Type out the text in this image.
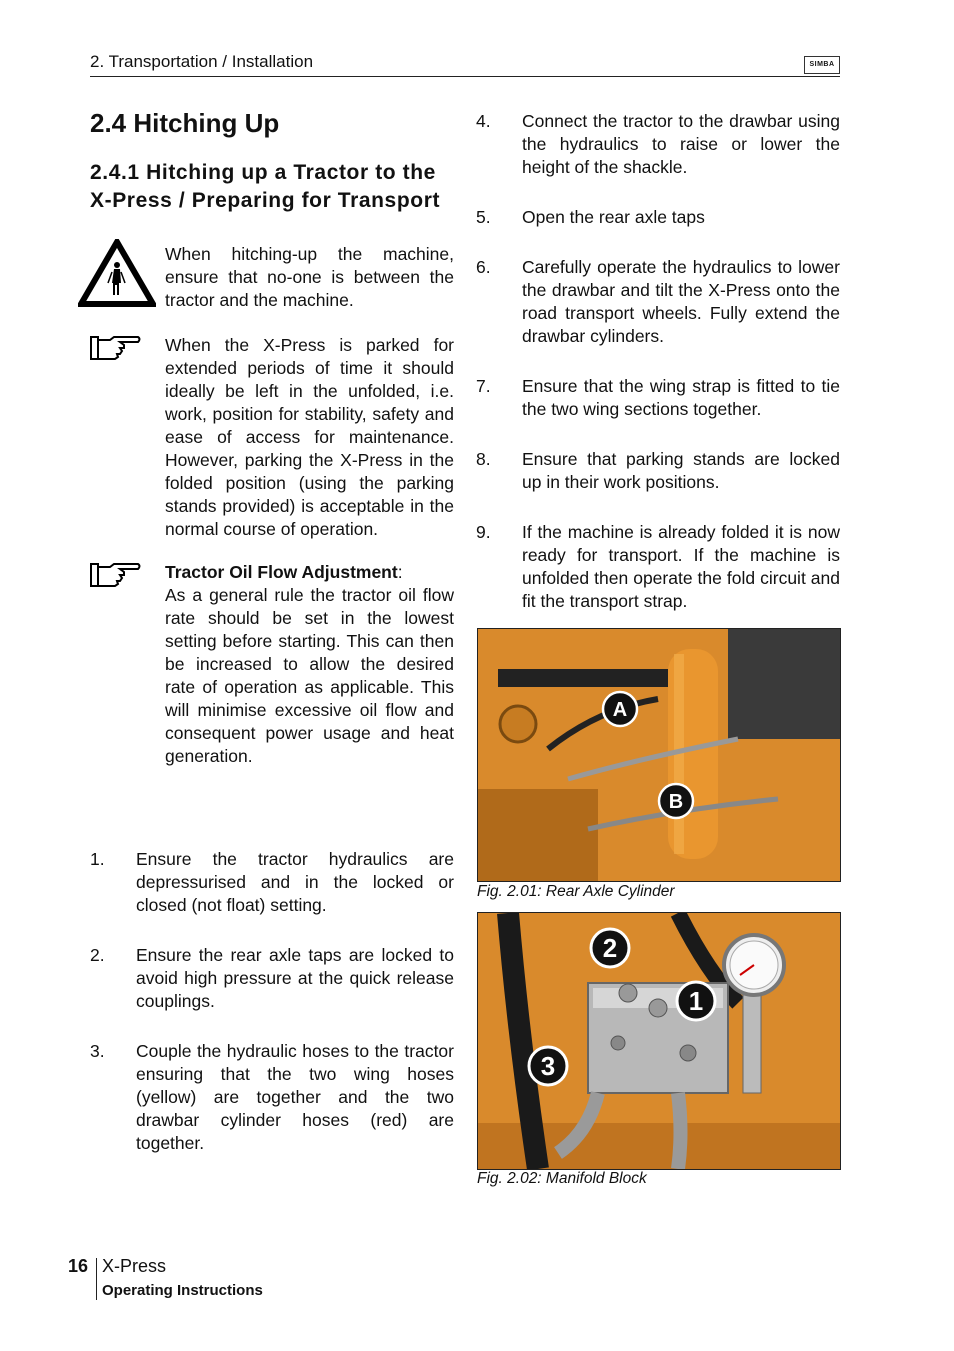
2. Transportation / Installation	SIMBA
2.4 Hitching Up
2.4.1 Hitching up a Tractor to the X-Press / Preparing for Transport
When hitching-up the machine, ensure that no-one is between the tractor and the machine.
When the X-Press is parked for extended periods of time it should ideally be left in the unfolded, i.e. work, position for stability, safety and ease of access for maintenance. However, parking the X-Press in the folded position (using the parking stands provided) is acceptable in the normal course of operation.
Tractor Oil Flow Adjustment:
As a general rule the tractor oil flow rate should be set in the lowest setting before starting. This can then be increased to allow the desired rate of operation as applicable. This will minimise excessive oil flow and consequent power usage and heat generation.
1. Ensure the tractor hydraulics are depressurised and in the locked or closed (not float) setting.
2. Ensure the rear axle taps are locked to avoid high pressure at the quick release couplings.
3. Couple the hydraulic hoses to the tractor ensuring that the two wing hoses (yellow) are together and the two drawbar cylinder hoses (red) are together.
4. Connect the tractor to the drawbar using the hydraulics to raise or lower the height of the shackle.
5. Open the rear axle taps
6. Carefully operate the hydraulics to lower the drawbar and tilt the X-Press onto the road transport wheels. Fully extend the drawbar cylinders.
7. Ensure that the wing strap is fitted to tie the two wing sections together.
8. Ensure that parking stands are locked up in their work positions.
9. If the machine is already folded it is now ready for transport. If the machine is unfolded then operate the fold circuit and fit the transport strap.
A
B
Fig. 2.01: Rear Axle Cylinder
2
1
3
Fig. 2.02: Manifold Block
16 X-Press
Operating Instructions
